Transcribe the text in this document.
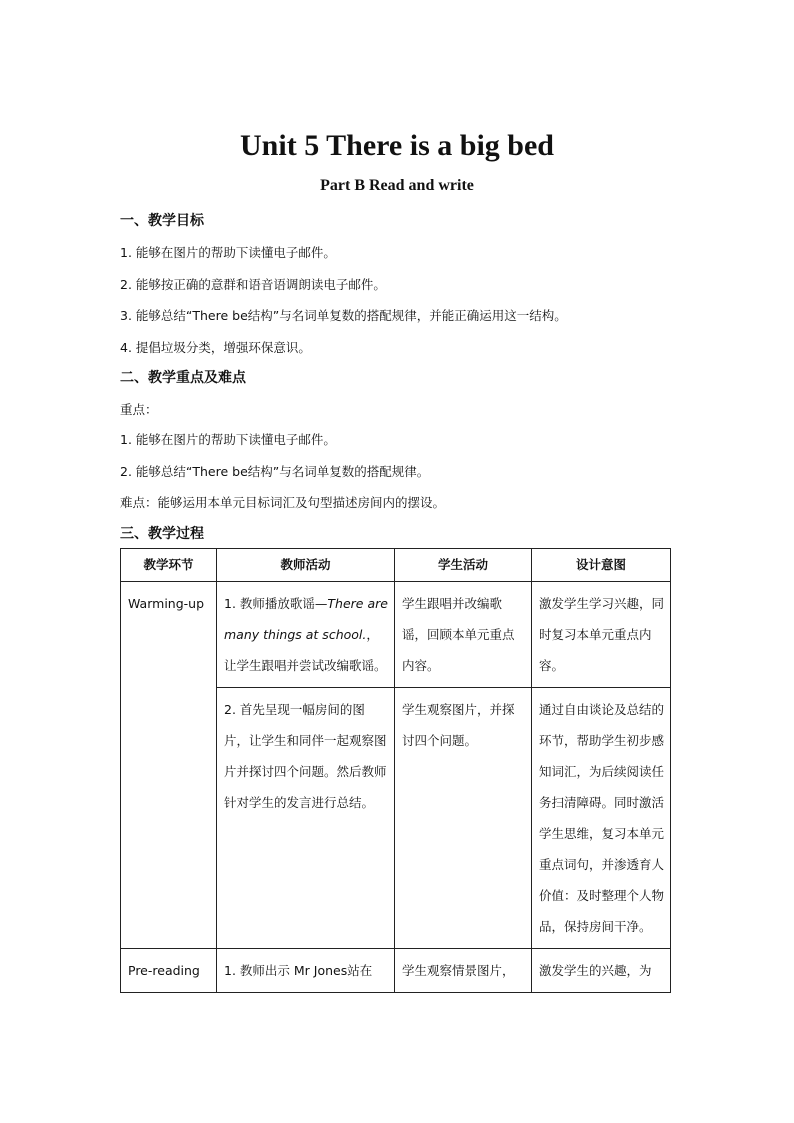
Unit 5 There is a big bed
Part B Read and write
一、教学目标
1. 能够在图片的帮助下读懂电子邮件。
2. 能够按正确的意群和语音语调朗读电子邮件。
3. 能够总结“There be结构”与名词单复数的搭配规律，并能正确运用这一结构。
4. 提倡垃圾分类，增强环保意识。
二、教学重点及难点
重点：
1. 能够在图片的帮助下读懂电子邮件。
2. 能够总结“There be结构”与名词单复数的搭配规律。
难点：能够运用本单元目标词汇及句型描述房间内的摆设。
三、教学过程
教学环节	教师活动	学生活动	设计意图
Warming-up	1. 教师播放歌谣—There are many things at school.，让学生跟唱并尝试改编歌谣。	学生跟唱并改编歌谣，回顾本单元重点内容。	激发学生学习兴趣，同时复习本单元重点内容。
	2. 首先呈现一幅房间的图片，让学生和同伴一起观察图片并探讨四个问题。然后教师针对学生的发言进行总结。	学生观察图片，并探讨四个问题。	通过自由谈论及总结的环节，帮助学生初步感知词汇，为后续阅读任务扫清障碍。同时激活学生思维，复习本单元重点词句，并渗透育人价值：及时整理个人物品，保持房间干净。
Pre-reading	1. 教师出示 Mr Jones站在	学生观察情景图片，	激发学生的兴趣，为
